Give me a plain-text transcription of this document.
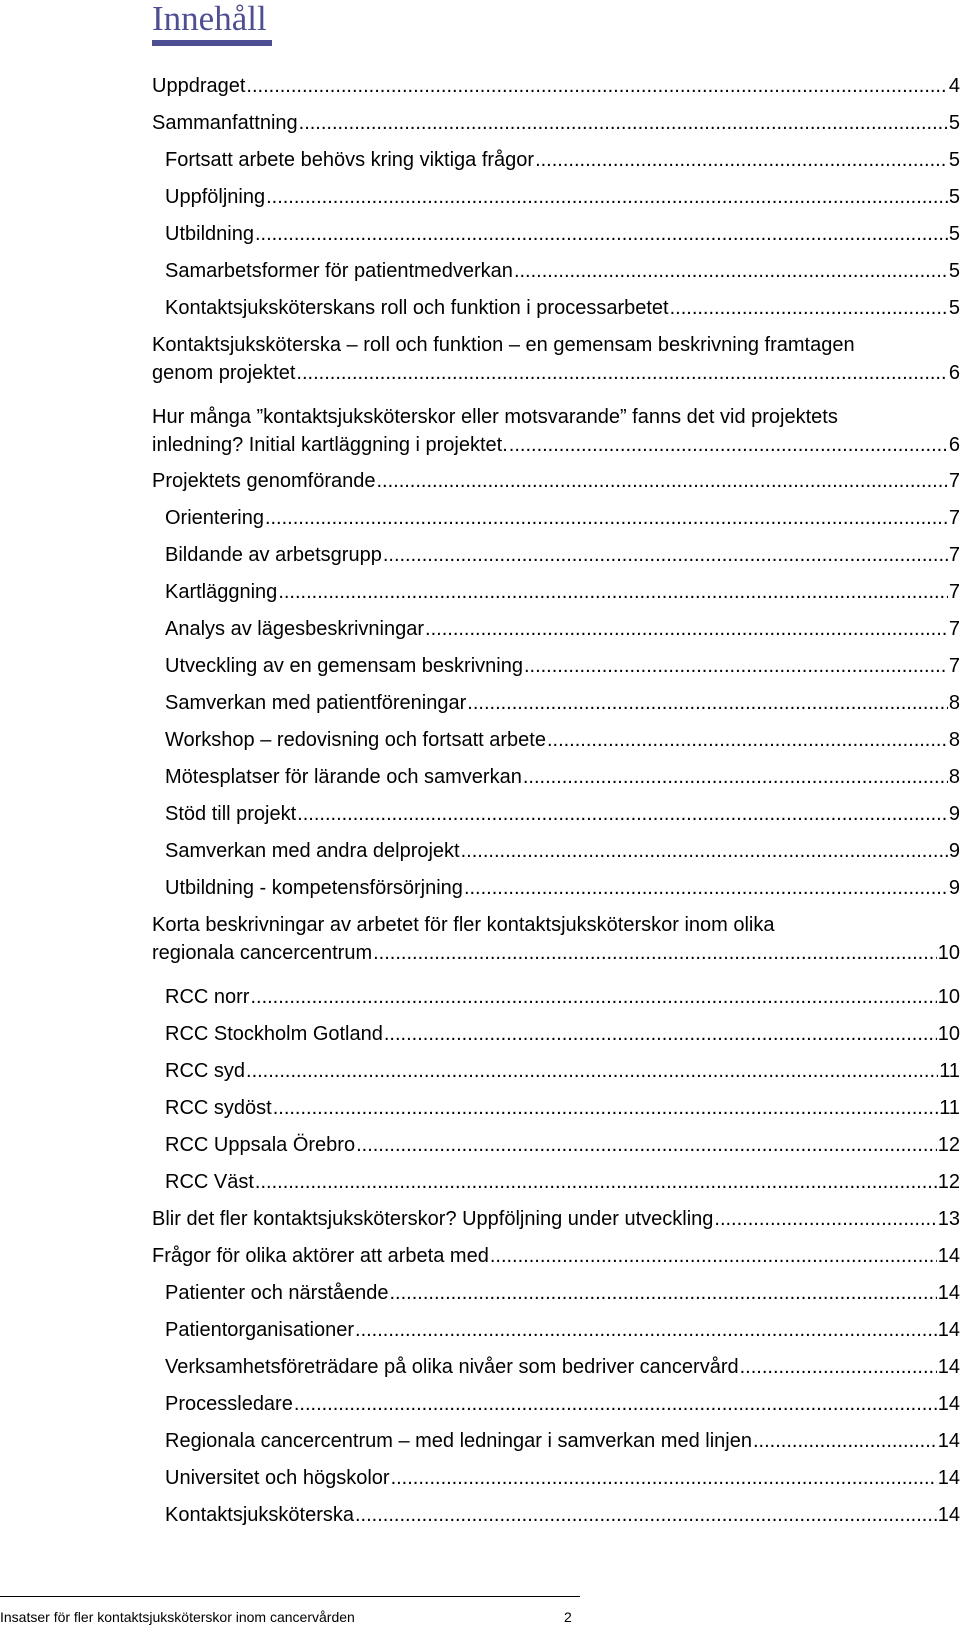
Innehåll
Uppdraget .....	4
Sammanfattning .....	5
Fortsatt arbete behövs kring viktiga frågor .....	5
Uppföljning .....	5
Utbildning .....	5
Samarbetsformer för patientmedverkan .....	5
Kontaktsjuksköterskans roll och funktion i processarbetet .....	5
Kontaktsjuksköterska – roll och funktion – en gemensam beskrivning framtagen
genom projektet .....	6
Hur många ”kontaktsjuksköterskor eller motsvarande” fanns det vid projektets
inledning? Initial kartläggning i projektet. .....	6
Projektets genomförande .....	7
Orientering .....	7
Bildande av arbetsgrupp .....	7
Kartläggning .....	7
Analys av lägesbeskrivningar .....	7
Utveckling av en gemensam beskrivning .....	7
Samverkan med patientföreningar .....	8
Workshop – redovisning och fortsatt arbete .....	8
Mötesplatser för lärande och samverkan .....	8
Stöd till projekt .....	9
Samverkan med andra delprojekt .....	9
Utbildning - kompetensförsörjning .....	9
Korta beskrivningar av arbetet för fler kontaktsjuksköterskor inom olika
regionala cancercentrum .....	10
RCC norr .....	10
RCC Stockholm Gotland .....	10
RCC syd .....	11
RCC sydöst .....	11
RCC Uppsala Örebro .....	12
RCC Väst .....	12
Blir det fler kontaktsjuksköterskor? Uppföljning under utveckling .....	13
Frågor för olika aktörer att arbeta med .....	14
Patienter och närstående .....	14
Patientorganisationer .....	14
Verksamhetsföreträdare på olika nivåer som bedriver cancervård .....	14
Processledare .....	14
Regionala cancercentrum – med ledningar i samverkan med linjen .....	14
Universitet och högskolor .....	14
Kontaktsjuksköterska .....	14
Insatser för fler kontaktsjuksköterskor inom cancervården	2
